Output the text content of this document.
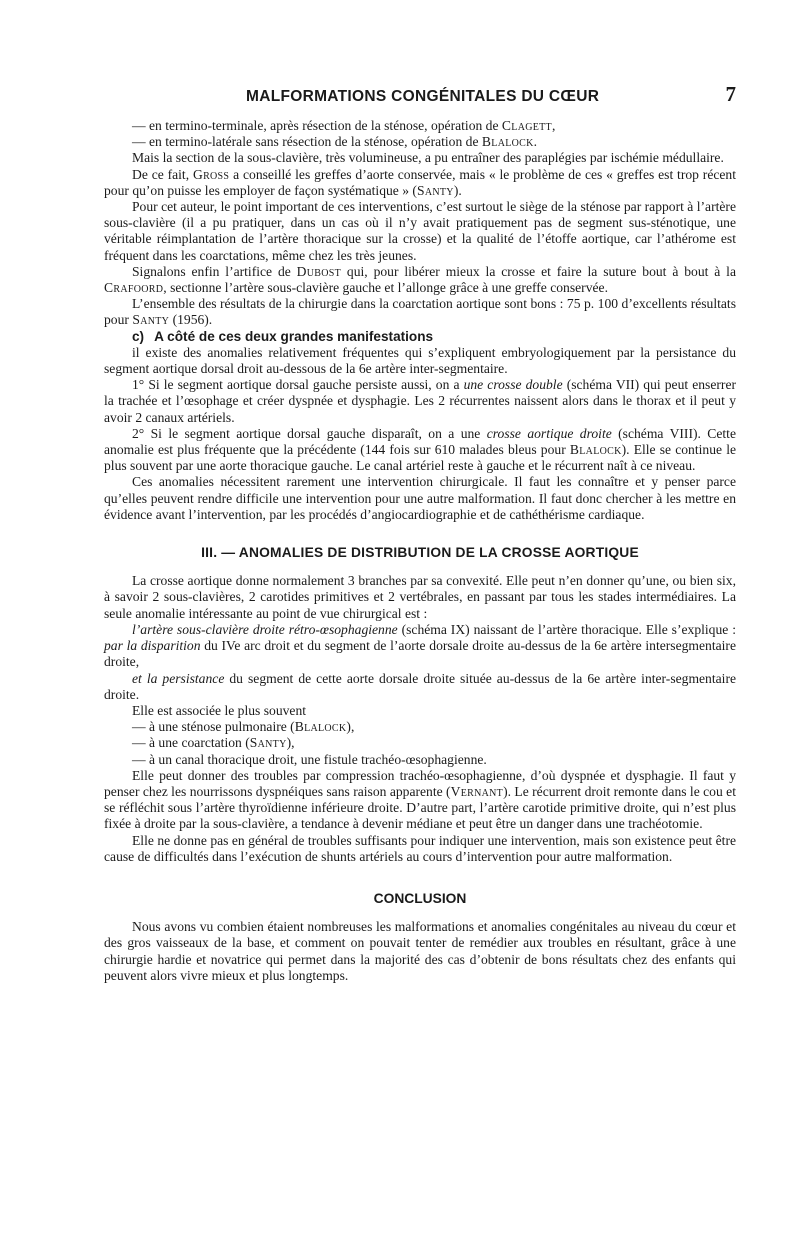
MALFORMATIONS CONGÉNITALES DU CŒUR	7

— en termino-terminale, après résection de la sténose, opération de Clagett,

— en termino-latérale sans résection de la sténose, opération de Blalock.

Mais la section de la sous-clavière, très volumineuse, a pu entraîner des paraplégies par ischémie médullaire.

De ce fait, Gross a conseillé les greffes d’aorte conservée, mais « le problème de ces « greffes est trop récent pour qu’on puisse les employer de façon systématique » (Santy).

Pour cet auteur, le point important de ces interventions, c’est surtout le siège de la sténose par rapport à l’artère sous-clavière (il a pu pratiquer, dans un cas où il n’y avait pratiquement pas de segment sus-sténotique, une véritable réimplantation de l’artère thoracique sur la crosse) et la qualité de l’étoffe aortique, car l’athérome est fréquent dans les coarctations, même chez les très jeunes.

Signalons enfin l’artifice de Dubost qui, pour libérer mieux la crosse et faire la suture bout à bout à la Crafoord, sectionne l’artère sous-clavière gauche et l’allonge grâce à une greffe conservée.

L’ensemble des résultats de la chirurgie dans la coarctation aortique sont bons : 75 p. 100 d’excellents résultats pour Santy (1956).

c) A côté de ces deux grandes manifestations

il existe des anomalies relativement fréquentes qui s’expliquent embryologiquement par la persistance du segment aortique dorsal droit au-dessous de la 6e artère inter-segmentaire.

1° Si le segment aortique dorsal gauche persiste aussi, on a une crosse double (schéma VII) qui peut enserrer la trachée et l’œsophage et créer dyspnée et dysphagie. Les 2 récurrentes naissent alors dans le thorax et il peut y avoir 2 canaux artériels.

2° Si le segment aortique dorsal gauche disparaît, on a une crosse aortique droite (schéma VIII). Cette anomalie est plus fréquente que la précédente (144 fois sur 610 malades bleus pour Blalock). Elle se continue le plus souvent par une aorte thoracique gauche. Le canal artériel reste à gauche et le récurrent naît à ce niveau.

Ces anomalies nécessitent rarement une intervention chirurgicale. Il faut les connaître et y penser parce qu’elles peuvent rendre difficile une intervention pour une autre malformation. Il faut donc chercher à les mettre en évidence avant l’intervention, par les procédés d’angiocardiographie et de cathéthérisme cardiaque.

III. — ANOMALIES DE DISTRIBUTION DE LA CROSSE AORTIQUE

La crosse aortique donne normalement 3 branches par sa convexité. Elle peut n’en donner qu’une, ou bien six, à savoir 2 sous-clavières, 2 carotides primitives et 2 vertébrales, en passant par tous les stades intermédiaires. La seule anomalie intéressante au point de vue chirurgical est :

l’artère sous-clavière droite rétro-œsophagienne (schéma IX) naissant de l’artère thoracique. Elle s’explique : par la disparition du IVe arc droit et du segment de l’aorte dorsale droite au-dessus de la 6e artère intersegmentaire droite,

et la persistance du segment de cette aorte dorsale droite située au-dessus de la 6e artère inter-segmentaire droite.

Elle est associée le plus souvent

— à une sténose pulmonaire (Blalock),

— à une coarctation (Santy),

— à un canal thoracique droit, une fistule trachéo-œsophagienne.

Elle peut donner des troubles par compression trachéo-œsophagienne, d’où dyspnée et dysphagie. Il faut y penser chez les nourrissons dyspnéiques sans raison apparente (Vernant). Le récurrent droit remonte dans le cou et se réfléchit sous l’artère thyroïdienne inférieure droite. D’autre part, l’artère carotide primitive droite, qui n’est plus fixée à droite par la sous-clavière, a tendance à devenir médiane et peut être un danger dans une trachéotomie.

Elle ne donne pas en général de troubles suffisants pour indiquer une intervention, mais son existence peut être cause de difficultés dans l’exécution de shunts artériels au cours d’intervention pour autre malformation.

CONCLUSION

Nous avons vu combien étaient nombreuses les malformations et anomalies congénitales au niveau du cœur et des gros vaisseaux de la base, et comment on pouvait tenter de remédier aux troubles en résultant, grâce à une chirurgie hardie et novatrice qui permet dans la majorité des cas d’obtenir de bons résultats chez des enfants qui peuvent alors vivre mieux et plus longtemps.
